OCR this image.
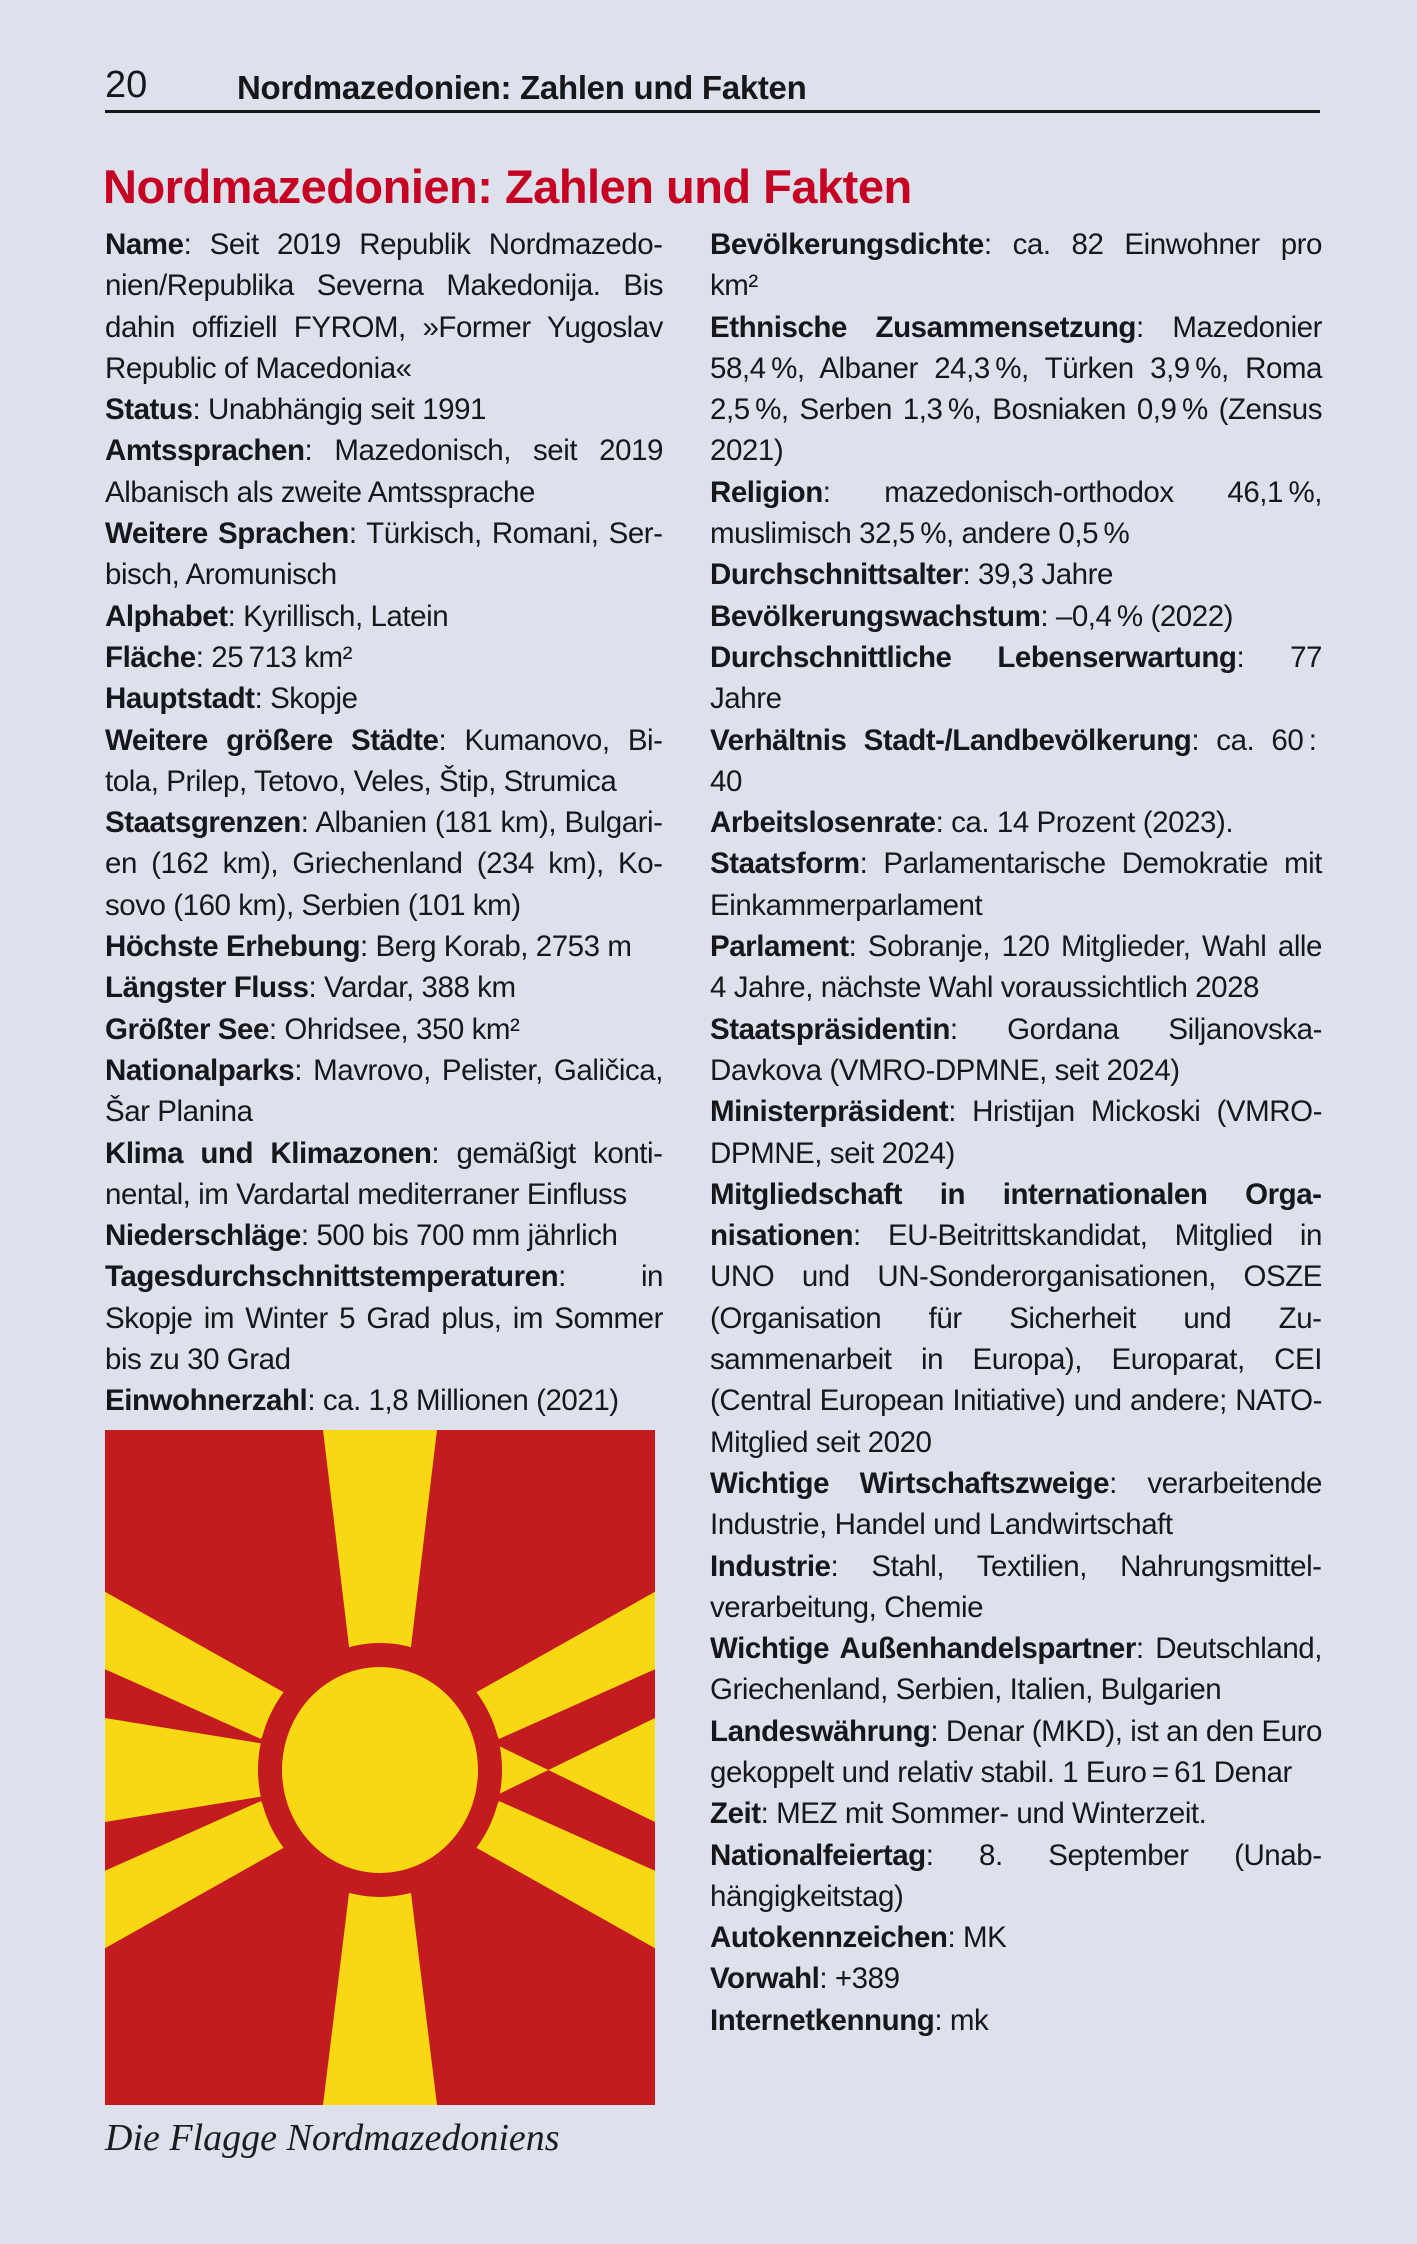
20	Nordmazedonien: Zahlen und Fakten
Nordmazedonien: Zahlen und Fakten

Name: Seit 2019 Republik Nordmazedonien/Republika Severna Makedonija. Bis dahin offiziell FYROM, »Former Yugoslav Republic of Macedonia«

Status: Unabhängig seit 1991

Amtssprachen: Mazedonisch, seit 2019 Albanisch als zweite Amtssprache

Weitere Sprachen: Türkisch, Romani, Serbisch, Aromunisch

Alphabet: Kyrillisch, Latein

Fläche: 25 713 km²

Hauptstadt: Skopje

Weitere größere Städte: Kumanovo, Bitola, Prilep, Tetovo, Veles, Štip, Strumica

Staatsgrenzen: Albanien (181 km), Bulgarien (162 km), Griechenland (234 km), Kosovo (160 km), Serbien (101 km)

Höchste Erhebung: Berg Korab, 2753 m

Längster Fluss: Vardar, 388 km

Größter See: Ohridsee, 350 km²

Nationalparks: Mavrovo, Pelister, Galičica, Šar Planina

Klima und Klimazonen: gemäßigt kontinental, im Vardartal mediterraner Einfluss

Niederschläge: 500 bis 700 mm jährlich

Tagesdurchschnittstemperaturen: in Skopje im Winter 5 Grad plus, im Sommer bis zu 30 Grad

Einwohnerzahl: ca. 1,8 Millionen (2021)

Bevölkerungsdichte: ca. 82 Einwohner pro km²

Ethnische Zusammensetzung: Mazedonier 58,4 %, Albaner 24,3 %, Türken 3,9 %, Roma 2,5 %, Serben 1,3 %, Bosniaken 0,9 % (Zensus 2021)

Religion: mazedonisch-orthodox 46,1 %, muslimisch 32,5 %, andere 0,5 %

Durchschnittsalter: 39,3 Jahre

Bevölkerungswachstum: –0,4 % (2022)

Durchschnittliche Lebenserwartung: 77 Jahre

Verhältnis Stadt-/Landbevölkerung: ca. 60 : 40

Arbeitslosenrate: ca. 14 Prozent (2023).

Staatsform: Parlamentarische Demokratie mit Einkammerparlament

Parlament: Sobranje, 120 Mitglieder, Wahl alle 4 Jahre, nächste Wahl voraussichtlich 2028

Staatspräsidentin: Gordana Siljanovska-Davkova (VMRO-DPMNE, seit 2024)

Ministerpräsident: Hristijan Mickoski (VMRO-DPMNE, seit 2024)

Mitgliedschaft in internationalen Organisationen: EU-Beitrittskandidat, Mitglied in UNO und UN-Sonderorganisationen, OSZE (Organisation für Sicherheit und Zusammenarbeit in Europa), Europarat, CEI (Central European Initiative) und andere; NATO-Mitglied seit 2020

Wichtige Wirtschaftszweige: verarbeitende Industrie, Handel und Landwirtschaft

Industrie: Stahl, Textilien, Nahrungsmittelverarbeitung, Chemie

Wichtige Außenhandelspartner: Deutschland, Griechenland, Serbien, Italien, Bulgarien

Landeswährung: Denar (MKD), ist an den Euro gekoppelt und relativ stabil. 1 Euro = 61 Denar

Zeit: MEZ mit Sommer- und Winterzeit.

Nationalfeiertag: 8. September (Unabhängigkeitstag)

Autokennzeichen: MK

Vorwahl: +389

Internetkennung: mk

Die Flagge Nordmazedoniens
